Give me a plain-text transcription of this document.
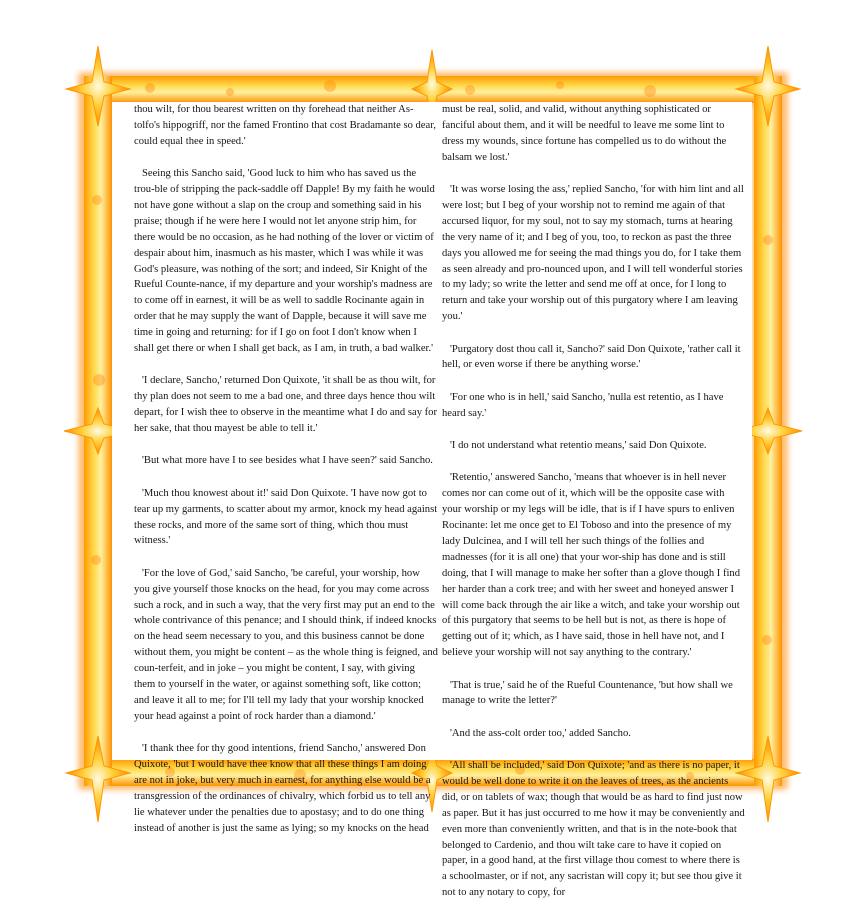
thou wilt, for thou bearest written on thy forehead that neither As-tolfo's hippogriff, nor the famed Frontino that cost Bradamante so dear, could equal thee in speed.'

Seeing this Sancho said, 'Good luck to him who has saved us the trou-ble of stripping the pack-saddle off Dapple! By my faith he would not have gone without a slap on the croup and something said in his praise; though if he were here I would not let anyone strip him, for there would be no occasion, as he had nothing of the lover or victim of despair about him, inasmuch as his master, which I was while it was God's pleasure, was nothing of the sort; and indeed, Sir Knight of the Rueful Counte-nance, if my departure and your worship's madness are to come off in earnest, it will be as well to saddle Rocinante again in order that he may supply the want of Dapple, because it will save me time in going and returning: for if I go on foot I don't know when I shall get there or when I shall get back, as I am, in truth, a bad walker.'

'I declare, Sancho,' returned Don Quixote, 'it shall be as thou wilt, for thy plan does not seem to me a bad one, and three days hence thou wilt depart, for I wish thee to observe in the meantime what I do and say for her sake, that thou mayest be able to tell it.'

'But what more have I to see besides what I have seen?' said Sancho.

'Much thou knowest about it!' said Don Quixote. 'I have now got to tear up my garments, to scatter about my armor, knock my head against these rocks, and more of the same sort of thing, which thou must witness.'

'For the love of God,' said Sancho, 'be careful, your worship, how you give yourself those knocks on the head, for you may come across such a rock, and in such a way, that the very first may put an end to the whole contrivance of this penance; and I should think, if indeed knocks on the head seem necessary to you, and this business cannot be done without them, you might be content – as the whole thing is feigned, and coun-terfeit, and in joke – you might be content, I say, with giving them to yourself in the water, or against something soft, like cotton; and leave it all to me; for I'll tell my lady that your worship knocked your head against a point of rock harder than a diamond.'

'I thank thee for thy good intentions, friend Sancho,' answered Don Quixote, 'but I would have thee know that all these things I am doing are not in joke, but very much in earnest, for anything else would be a transgression of the ordinances of chivalry, which forbid us to tell any lie whatever under the penalties due to apostasy; and to do one thing instead of another is just the same as lying; so my knocks on the head

must be real, solid, and valid, without anything sophisticated or fanciful about them, and it will be needful to leave me some lint to dress my wounds, since fortune has compelled us to do without the balsam we lost.'

'It was worse losing the ass,' replied Sancho, 'for with him lint and all were lost; but I beg of your worship not to remind me again of that accursed liquor, for my soul, not to say my stomach, turns at hearing the very name of it; and I beg of you, too, to reckon as past the three days you allowed me for seeing the mad things you do, for I take them as seen already and pro-nounced upon, and I will tell wonderful stories to my lady; so write the letter and send me off at once, for I long to return and take your worship out of this purgatory where I am leaving you.'

'Purgatory dost thou call it, Sancho?' said Don Quixote, 'rather call it hell, or even worse if there be anything worse.'

'For one who is in hell,' said Sancho, 'nulla est retentio, as I have heard say.'

'I do not understand what retentio means,' said Don Quixote.

'Retentio,' answered Sancho, 'means that whoever is in hell never comes nor can come out of it, which will be the opposite case with your worship or my legs will be idle, that is if I have spurs to enliven Rocinante: let me once get to El Toboso and into the presence of my lady Dulcinea, and I will tell her such things of the follies and madnesses (for it is all one) that your wor-ship has done and is still doing, that I will manage to make her softer than a glove though I find her harder than a cork tree; and with her sweet and honeyed answer I will come back through the air like a witch, and take your worship out of this purgatory that seems to be hell but is not, as there is hope of getting out of it; which, as I have said, those in hell have not, and I believe your worship will not say anything to the contrary.'

'That is true,' said he of the Rueful Countenance, 'but how shall we manage to write the letter?'

'And the ass-colt order too,' added Sancho.

'All shall be included,' said Don Quixote; 'and as there is no paper, it would be well done to write it on the leaves of trees, as the ancients did, or on tablets of wax; though that would be as hard to find just now as paper. But it has just occurred to me how it may be conveniently and even more than conveniently written, and that is in the note-book that belonged to Cardenio, and thou wilt take care to have it copied on paper, in a good hand, at the first village thou comest to where there is a schoolmaster, or if not, any sacristan will copy it; but see thou give it not to any notary to copy, for
